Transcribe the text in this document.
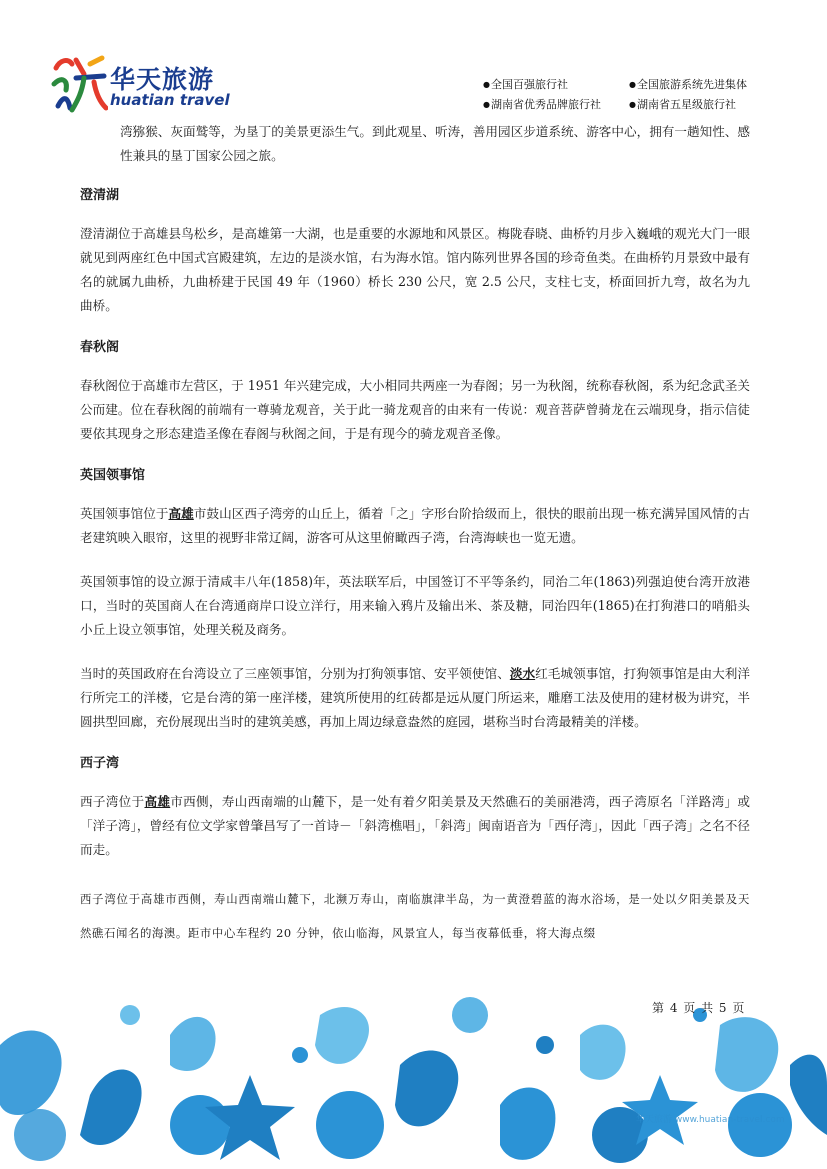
华天旅游
huatian travel
● 全国百强旅行社	● 全国旅游系统先进集体
● 湖南省优秀品牌旅行社	● 湖南省五星级旅行社

湾猕猴、灰面鹫等，为垦丁的美景更添生气。到此观星、听涛，善用园区步道系统、游客中心，拥有一趟知性、感性兼具的垦丁国家公园之旅。

澄清湖

澄清湖位于高雄县鸟松乡，是高雄第一大湖，也是重要的水源地和风景区。梅陇春晓、曲桥钓月步入巍峨的观光大门一眼就见到两座红色中国式宫殿建筑，左边的是淡水馆，右为海水馆。馆内陈列世界各国的珍奇鱼类。在曲桥钓月景致中最有名的就属九曲桥，九曲桥建于民国 49 年（1960）桥长 230 公尺，宽 2.5 公尺，支柱七支，桥面回折九弯，故名为九曲桥。

春秋阁

春秋阁位于高雄市左营区，于 1951 年兴建完成，大小相同共两座一为春阁；另一为秋阁，统称春秋阁，系为纪念武圣关公而建。位在春秋阁的前端有一尊骑龙观音，关于此一骑龙观音的由来有一传说：观音菩萨曾骑龙在云端现身，指示信徒要依其现身之形态建造圣像在春阁与秋阁之间，于是有现今的骑龙观音圣像。

英国领事馆

英国领事馆位于高雄市鼓山区西子湾旁的山丘上，循着「之」字形台阶拾级而上，很快的眼前出现一栋充满异国风情的古老建筑映入眼帘，这里的视野非常辽阔，游客可从这里俯瞰西子湾，台湾海峡也一览无遗。

英国领事馆的设立源于清咸丰八年(1858)年，英法联军后，中国签订不平等条约，同治二年(1863)列强迫使台湾开放港口，当时的英国商人在台湾通商岸口设立洋行，用来输入鸦片及输出米、茶及糖，同治四年(1865)在打狗港口的哨船头小丘上设立领事馆，处理关税及商务。

当时的英国政府在台湾设立了三座领事馆，分别为打狗领事馆、安平领使馆、淡水红毛城领事馆，打狗领事馆是由大利洋行所完工的洋楼，它是台湾的第一座洋楼，建筑所使用的红砖都是远从厦门所运来，雕磨工法及使用的建材极为讲究，半圆拱型回廊，充份展现出当时的建筑美感，再加上周边绿意盎然的庭园，堪称当时台湾最精美的洋楼。

西子湾

西子湾位于高雄市西侧，寿山西南端的山麓下，是一处有着夕阳美景及天然礁石的美丽港湾，西子湾原名「洋路湾」或「洋子湾」，曾经有位文学家曾肇昌写了一首诗－「斜湾樵唱」，「斜湾」闽南语音为「西仔湾」，因此「西子湾」之名不径而走。

西子湾位于高雄市西侧，寿山西南端山麓下，北濒万寿山，南临旗津半岛，为一黄澄碧蓝的海水浴场，是一处以夕阳美景及天然礁石闻名的海澳。距市中心车程约 20 分钟，依山临海，风景宜人，每当夜幕低垂，将大海点缀

第 4 页 共 5 页
华天旅游 www.huatian-travel.com
